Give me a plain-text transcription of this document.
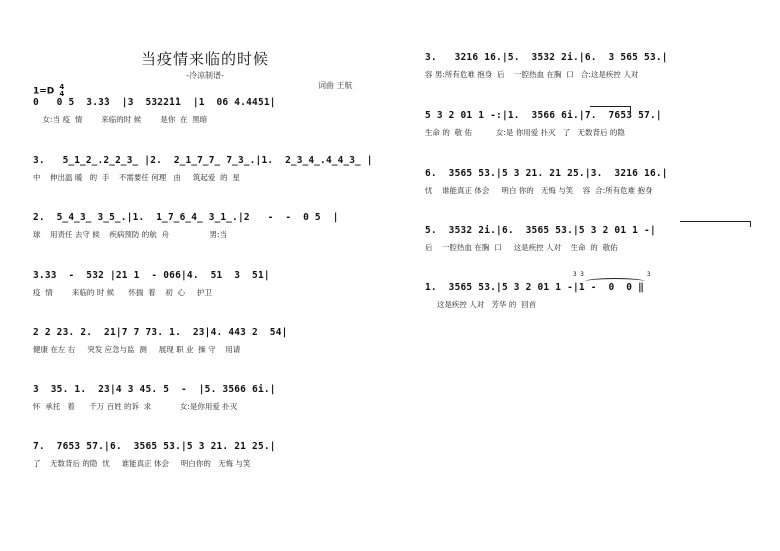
当疫情来临的时候
-冷凉制谱-
1=D 4
4
词曲 王航
0   0 5  3.3̇3  |3  5322̇1̇1  |1  06 4.4451|
女:当 疫  情        来临的时 候        是你  在  黑暗
3.   5̲1̲2̲.2̲2̲3̲ |2.  2̲1̲7̲7̲ 7̲3̲.|1.  2̲3̲4̲.4̲4̲3̲ |
中    伸出温 暖   的  手    不需要任 何理   由     筑起爱  的  星
2.  5̲4̲3̲ 3̲5̲.|1.  1̲7̲6̲4̲ 3̲1̲.|2   -  -  0 5  |
球    用责任 去守 候    疾病预防 的航  舟                 男:当
3.33  -  532 |21 1  - 066|4.  51  3  51|
疫  情        来临的 时 候      怀揣  着    初  心     护卫
2 2 23. 2.  21|7 7 73. 1.  23|4. 443 2  54|
健康 在左 右     突发 应急与监  测     展现 职 业  操 守    用请
3  35. 1.  23|4 3 45. 5  -  |5. 3566 6i.|
怀  承托   着      千万 百姓 的诉  求            女:是你用爱 扑灭
7.  7653 57.|6.  3565 53.|5 3 21. 21 25.|
了    无数背后 的隐  忧     谁能真正 体会     明白你的   无悔 与笑
3.   3216 16.|5.  3532 2i.|6.  3 565 53.|
容 男:所有危难 抱身  后    一腔热血 在胸  口   合:这是疾控 人对
5 3 2 01 1 -:|1.  3566 6i.|7.  7653 57.|
生命 的  敬 佑          女:是 你用爱 扑灭   了   无数背后 的隐
6.  3565 53.|5 3 21. 21 25.|3.  3216 16.|
忧    谁能真正 体会     明白 你的   无悔 与笑    容  合:所有危难 抱身
5.  3532 2i.|6.  3565 53.|5 3 2 01 1 -|
后    一腔热血 在胸  口     这是疾控 人对    生命  的  敬佑
1.  3565 53.|5 3 2 01 1 -|1 -  0  0 ‖
这是疾控 人对   芳华 的  回首
3 3	3
